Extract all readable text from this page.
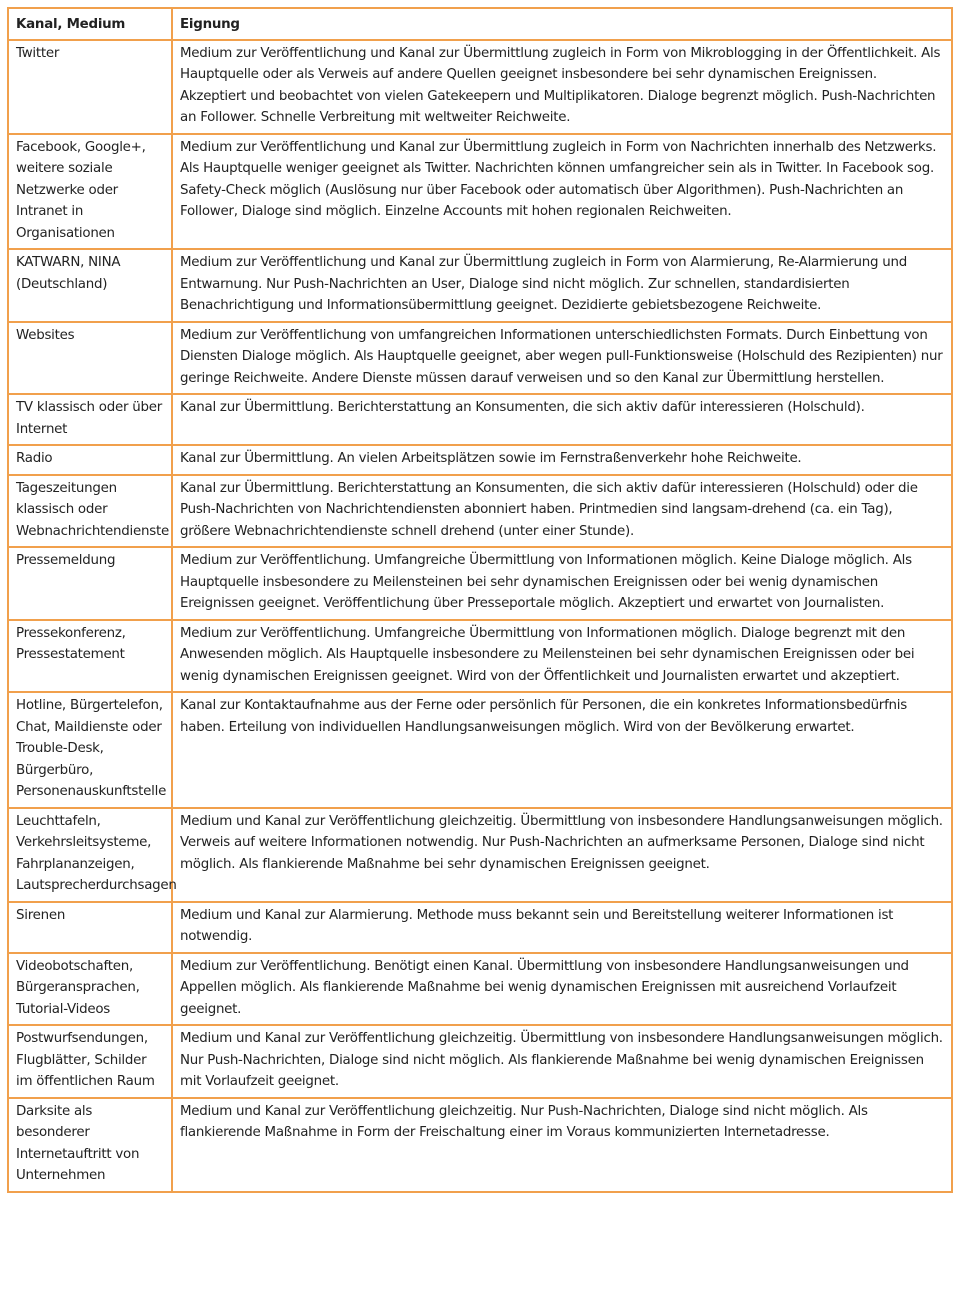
Kanal, Medium	Eignung
Twitter	Medium zur Veröffentlichung und Kanal zur Übermittlung zugleich in Form von Mikroblogging in der Öffentlichkeit. Als Hauptquelle oder als Verweis auf andere Quellen geeignet insbesondere bei sehr dynamischen Ereignissen. Akzeptiert und beobachtet von vielen Gatekeepern und Multiplikatoren. Dialoge begrenzt möglich. Push-Nachrichten an Follower. Schnelle Verbreitung mit weltweiter Reichweite.
Facebook, Google+, weitere soziale Netzwerke oder Intranet in Organisationen	Medium zur Veröffentlichung und Kanal zur Übermittlung zugleich in Form von Nachrichten innerhalb des Netzwerks. Als Hauptquelle weniger geeignet als Twitter. Nachrichten können umfangreicher sein als in Twitter. In Facebook sog. Safety-Check möglich (Auslösung nur über Facebook oder automatisch über Algorithmen). Push-Nachrichten an Follower, Dialoge sind möglich. Einzelne Accounts mit hohen regionalen Reichweiten.
KATWARN, NINA (Deutschland)	Medium zur Veröffentlichung und Kanal zur Übermittlung zugleich in Form von Alarmierung, Re-Alarmierung und Entwarnung. Nur Push-Nachrichten an User, Dialoge sind nicht möglich. Zur schnellen, standardisierten Benachrichtigung und Informationsübermittlung geeignet. Dezidierte gebietsbezogene Reichweite.
Websites	Medium zur Veröffentlichung von umfangreichen Informationen unterschiedlichsten Formats. Durch Einbettung von Diensten Dialoge möglich. Als Hauptquelle geeignet, aber wegen pull-Funktionsweise (Holschuld des Rezipienten) nur geringe Reichweite. Andere Dienste müssen darauf verweisen und so den Kanal zur Übermittlung herstellen.
TV klassisch oder über Internet	Kanal zur Übermittlung. Berichterstattung an Konsumenten, die sich aktiv dafür interessieren (Holschuld).
Radio	Kanal zur Übermittlung. An vielen Arbeitsplätzen sowie im Fernstraßenverkehr hohe Reichweite.
Tageszeitungen klassisch oder Webnachrichtendienste	Kanal zur Übermittlung. Berichterstattung an Konsumenten, die sich aktiv dafür interessieren (Holschuld) oder die Push-Nachrichten von Nachrichtendiensten abonniert haben. Printmedien sind langsam-drehend (ca. ein Tag), größere Webnachrichtendienste schnell drehend (unter einer Stunde).
Pressemeldung	Medium zur Veröffentlichung. Umfangreiche Übermittlung von Informationen möglich. Keine Dialoge möglich. Als Hauptquelle insbesondere zu Meilensteinen bei sehr dynamischen Ereignissen oder bei wenig dynamischen Ereignissen geeignet. Veröffentlichung über Presseportale möglich. Akzeptiert und erwartet von Journalisten.
Pressekonferenz, Pressestatement	Medium zur Veröffentlichung. Umfangreiche Übermittlung von Informationen möglich. Dialoge begrenzt mit den Anwesenden möglich. Als Hauptquelle insbesondere zu Meilensteinen bei sehr dynamischen Ereignissen oder bei wenig dynamischen Ereignissen geeignet. Wird von der Öffentlichkeit und Journalisten erwartet und akzeptiert.
Hotline, Bürgertelefon, Chat, Maildienste oder Trouble-Desk, Bürgerbüro, Personenauskunftstelle	Kanal zur Kontaktaufnahme aus der Ferne oder persönlich für Personen, die ein konkretes Informationsbedürfnis haben. Erteilung von individuellen Handlungsanweisungen möglich. Wird von der Bevölkerung erwartet.
Leuchttafeln, Verkehrsleitsysteme, Fahrplananzeigen, Lautsprecherdurchsagen	Medium und Kanal zur Veröffentlichung gleichzeitig. Übermittlung von insbesondere Handlungsanweisungen möglich. Verweis auf weitere Informationen notwendig. Nur Push-Nachrichten an aufmerksame Personen, Dialoge sind nicht möglich. Als flankierende Maßnahme bei sehr dynamischen Ereignissen geeignet.
Sirenen	Medium und Kanal zur Alarmierung. Methode muss bekannt sein und Bereitstellung weiterer Informationen ist notwendig.
Videobotschaften, Bürgeransprachen, Tutorial-Videos	Medium zur Veröffentlichung. Benötigt einen Kanal. Übermittlung von insbesondere Handlungsanweisungen und Appellen möglich. Als flankierende Maßnahme bei wenig dynamischen Ereignissen mit ausreichend Vorlaufzeit geeignet.
Postwurfsendungen, Flugblätter, Schilder im öffentlichen Raum	Medium und Kanal zur Veröffentlichung gleichzeitig. Übermittlung von insbesondere Handlungsanweisungen möglich. Nur Push-Nachrichten, Dialoge sind nicht möglich. Als flankierende Maßnahme bei wenig dynamischen Ereignissen mit Vorlaufzeit geeignet.
Darksite als besonderer Internetauftritt von Unternehmen	Medium und Kanal zur Veröffentlichung gleichzeitig. Nur Push-Nachrichten, Dialoge sind nicht möglich. Als flankierende Maßnahme in Form der Freischaltung einer im Voraus kommunizierten Internetadresse.
